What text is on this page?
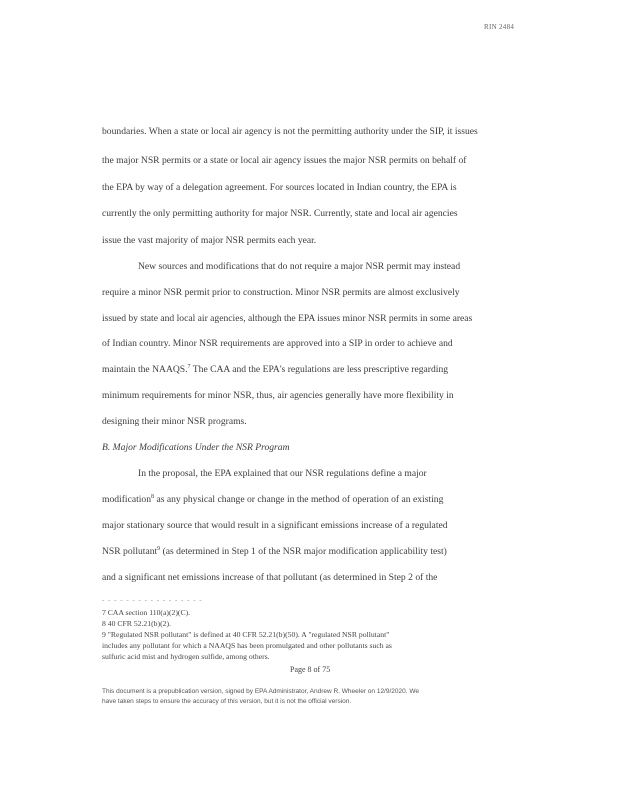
RIN 2484
boundaries. When a state or local air agency is not the permitting authority under the SIP, it issues
the major NSR permits or a state or local air agency issues the major NSR permits on behalf of
the EPA by way of a delegation agreement. For sources located in Indian country, the EPA is
currently the only permitting authority for major NSR. Currently, state and local air agencies
issue the vast majority of major NSR permits each year.
New sources and modifications that do not require a major NSR permit may instead
require a minor NSR permit prior to construction. Minor NSR permits are almost exclusively
issued by state and local air agencies, although the EPA issues minor NSR permits in some areas
of Indian country. Minor NSR requirements are approved into a SIP in order to achieve and
maintain the NAAQS.$^7$ The CAA and the EPA's regulations are less prescriptive regarding
minimum requirements for minor NSR, thus, air agencies generally have more flexibility in
designing their minor NSR programs.
B. Major Modifications Under the NSR Program
In the proposal, the EPA explained that our NSR regulations define a major
modification$^8$ as any physical change or change in the method of operation of an existing
major stationary source that would result in a significant emissions increase of a regulated
NSR pollutant$^9$ (as determined in Step 1 of the NSR major modification applicability test)
and a significant net emissions increase of that pollutant (as determined in Step 2 of the
- - - - - - - - - - - - - - - - -
7 CAA section 110(a)(2)(C).
8 40 CFR 52.21(b)(2).
9 "Regulated NSR pollutant" is defined at 40 CFR 52.21(b)(50). A "regulated NSR pollutant"
includes any pollutant for which a NAAQS has been promulgated and other pollutants such as
sulfuric acid mist and hydrogen sulfide, among others.
Page 8 of 75
This document is a prepublication version, signed by EPA Administrator, Andrew R. Wheeler on 12/9/2020. We
have taken steps to ensure the accuracy of this version, but it is not the official version.
